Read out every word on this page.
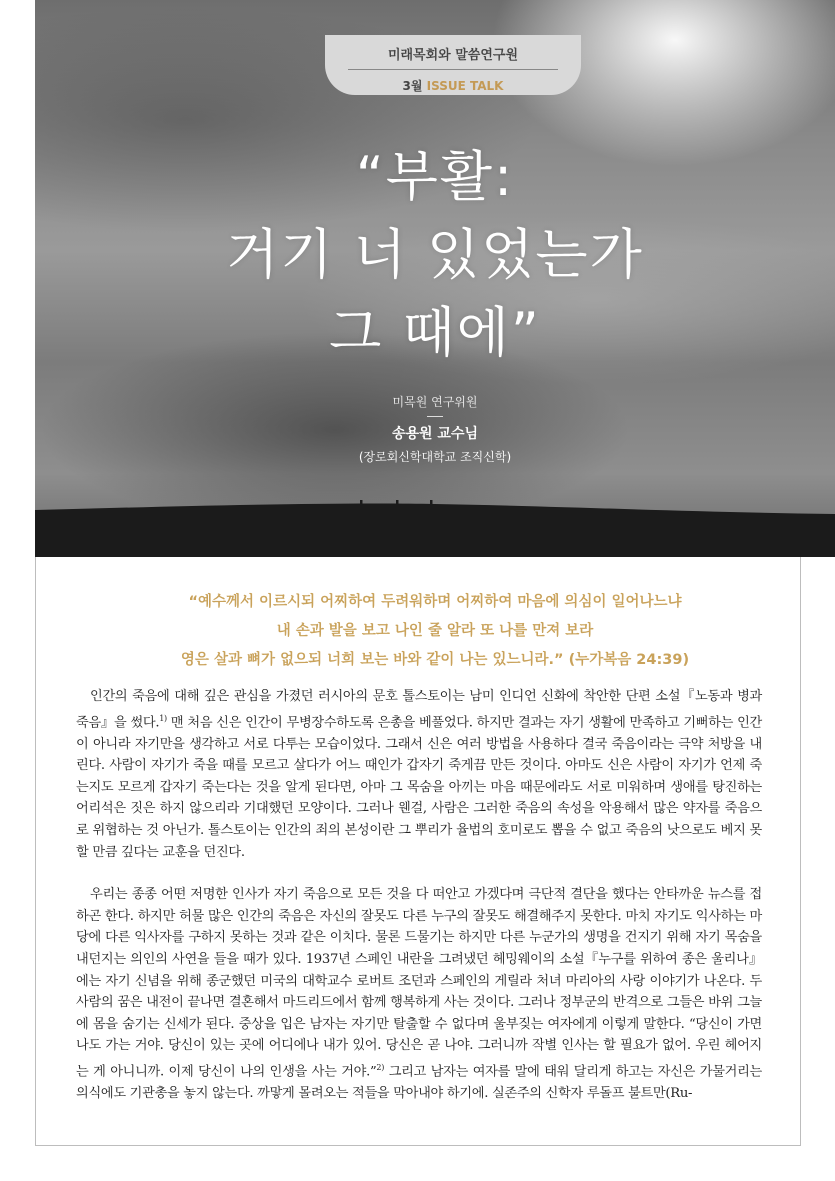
미래목회와 말씀연구원
3월 ISSUE TALK
“부활:
거기 너 있었는가
그 때에”
미목원 연구위원
송용원 교수님
(장로회신학대학교 조직신학)
“예수께서 이르시되 어찌하여 두려워하며 어찌하여 마음에 의심이 일어나느냐
내 손과 발을 보고 나인 줄 알라 또 나를 만져 보라
영은 살과 뼈가 없으되 너희 보는 바와 같이 나는 있느니라.” (누가복음 24:39)

인간의 죽음에 대해 깊은 관심을 가졌던 러시아의 문호 톨스토이는 남미 인디언 신화에 착안한 단편 소설『노동과 병과 죽음』을 썼다.$^{1)}$ 맨 처음 신은 인간이 무병장수하도록 은총을 베풀었다. 하지만 결과는 자기 생활에 만족하고 기뻐하는 인간이 아니라 자기만을 생각하고 서로 다투는 모습이었다. 그래서 신은 여러 방법을 사용하다 결국 죽음이라는 극약 처방을 내린다. 사람이 자기가 죽을 때를 모르고 살다가 어느 때인가 갑자기 죽게끔 만든 것이다. 아마도 신은 사람이 자기가 언제 죽는지도 모르게 갑자기 죽는다는 것을 알게 된다면, 아마 그 목숨을 아끼는 마음 때문에라도 서로 미워하며 생애를 탕진하는 어리석은 짓은 하지 않으리라 기대했던 모양이다. 그러나 웬걸, 사람은 그러한 죽음의 속성을 악용해서 많은 약자를 죽음으로 위협하는 것 아닌가. 톨스토이는 인간의 죄의 본성이란 그 뿌리가 율법의 호미로도 뽑을 수 없고 죽음의 낫으로도 베지 못할 만큼 깊다는 교훈을 던진다.

우리는 종종 어떤 저명한 인사가 자기 죽음으로 모든 것을 다 떠안고 가겠다며 극단적 결단을 했다는 안타까운 뉴스를 접하곤 한다. 하지만 허물 많은 인간의 죽음은 자신의 잘못도 다른 누구의 잘못도 해결해주지 못한다. 마치 자기도 익사하는 마당에 다른 익사자를 구하지 못하는 것과 같은 이치다. 물론 드물기는 하지만 다른 누군가의 생명을 건지기 위해 자기 목숨을 내던지는 의인의 사연을 들을 때가 있다. 1937년 스페인 내란을 그려냈던 헤밍웨이의 소설『누구를 위하여 종은 울리나』에는 자기 신념을 위해 종군했던 미국의 대학교수 로버트 조던과 스페인의 게릴라 처녀 마리아의 사랑 이야기가 나온다. 두 사람의 꿈은 내전이 끝나면 결혼해서 마드리드에서 함께 행복하게 사는 것이다. 그러나 정부군의 반격으로 그들은 바위 그늘에 몸을 숨기는 신세가 된다. 중상을 입은 남자는 자기만 탈출할 수 없다며 울부짖는 여자에게 이렇게 말한다. “당신이 가면 나도 가는 거야. 당신이 있는 곳에 어디에나 내가 있어. 당신은 곧 나야. 그러니까 작별 인사는 할 필요가 없어. 우린 헤어지는 게 아니니까. 이제 당신이 나의 인생을 사는 거야.”$^{2)}$ 그리고 남자는 여자를 말에 태워 달리게 하고는 자신은 가물거리는 의식에도 기관총을 놓지 않는다. 까맣게 몰려오는 적들을 막아내야 하기에. 실존주의 신학자 루돌프 불트만(Ru-
